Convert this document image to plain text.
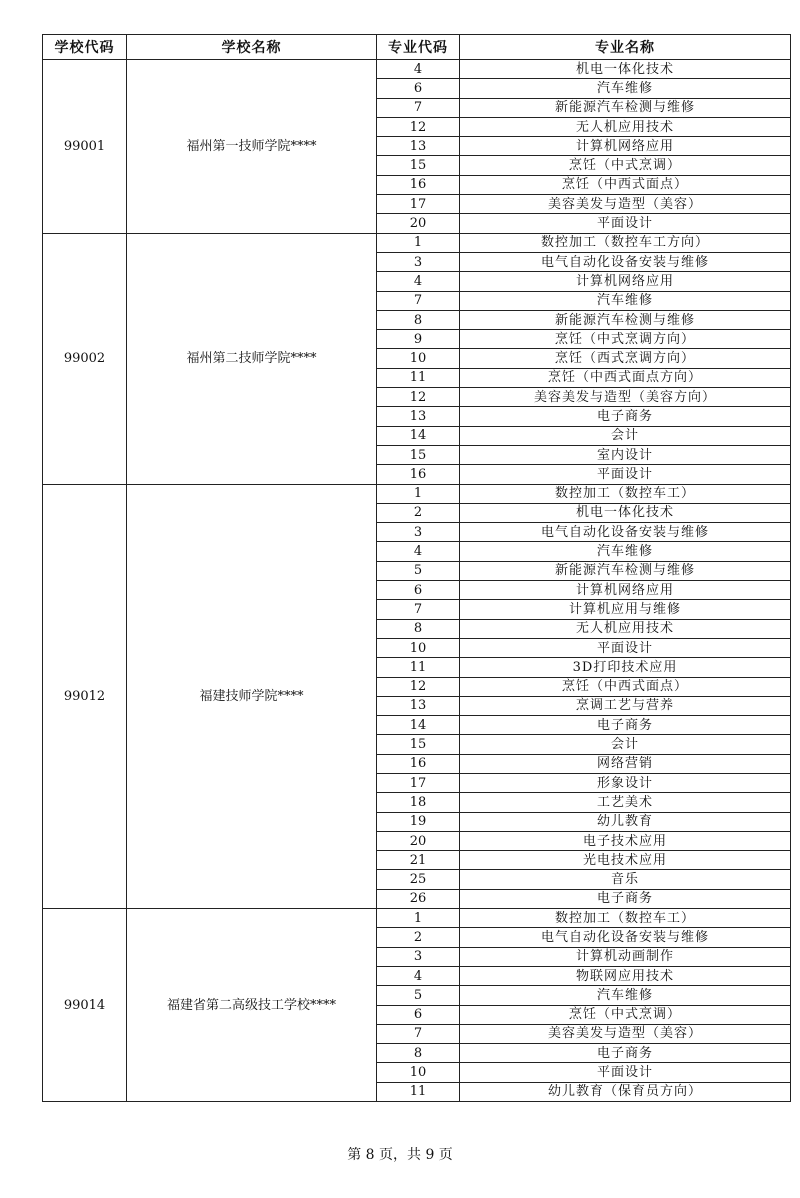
学校代码	学校名称	专业代码	专业名称
99001	福州第一技师学院****	4	机电一体化技术
		6	汽车维修
		7	新能源汽车检测与维修
		12	无人机应用技术
		13	计算机网络应用
		15	烹饪（中式烹调）
		16	烹饪（中西式面点）
		17	美容美发与造型（美容）
		20	平面设计
99002	福州第二技师学院****	1	数控加工（数控车工方向）
		3	电气自动化设备安装与维修
		4	计算机网络应用
		7	汽车维修
		8	新能源汽车检测与维修
		9	烹饪（中式烹调方向）
		10	烹饪（西式烹调方向）
		11	烹饪（中西式面点方向）
		12	美容美发与造型（美容方向）
		13	电子商务
		14	会计
		15	室内设计
		16	平面设计
99012	福建技师学院****	1	数控加工（数控车工）
		2	机电一体化技术
		3	电气自动化设备安装与维修
		4	汽车维修
		5	新能源汽车检测与维修
		6	计算机网络应用
		7	计算机应用与维修
		8	无人机应用技术
		10	平面设计
		11	3D打印技术应用
		12	烹饪（中西式面点）
		13	烹调工艺与营养
		14	电子商务
		15	会计
		16	网络营销
		17	形象设计
		18	工艺美术
		19	幼儿教育
		20	电子技术应用
		21	光电技术应用
		25	音乐
		26	电子商务
99014	福建省第二高级技工学校****	1	数控加工（数控车工）
		2	电气自动化设备安装与维修
		3	计算机动画制作
		4	物联网应用技术
		5	汽车维修
		6	烹饪（中式烹调）
		7	美容美发与造型（美容）
		8	电子商务
		10	平面设计
		11	幼儿教育（保育员方向）
第 8 页，共 9 页
